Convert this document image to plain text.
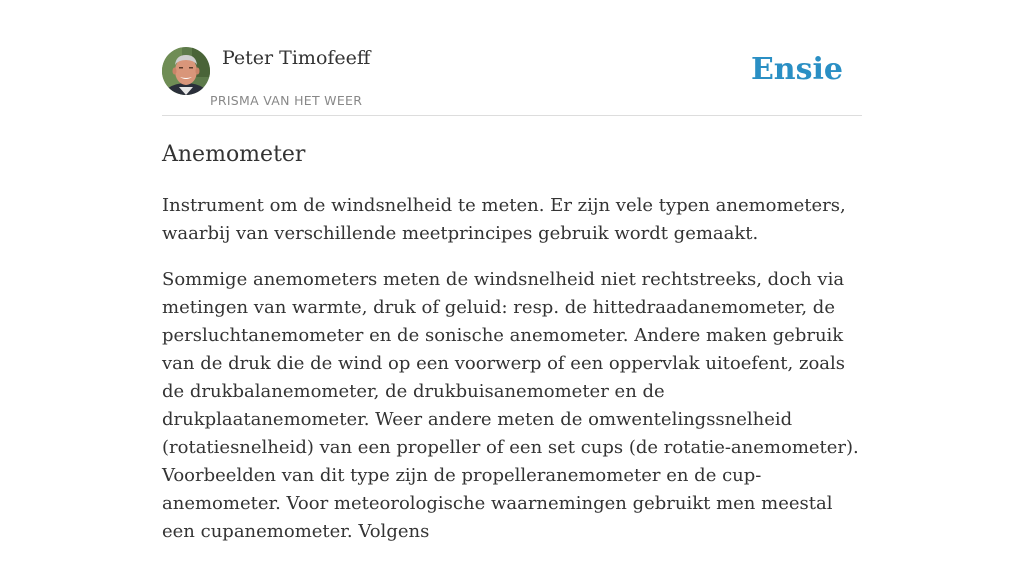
Peter Timofeeff
PRISMA VAN HET WEER
Ensie
Anemometer

Instrument om de windsnelheid te meten. Er zijn vele typen anemometers, waarbij van verschillende meetprincipes gebruik wordt gemaakt.

Sommige anemometers meten de windsnelheid niet rechtstreeks, doch via metingen van warmte, druk of geluid: resp. de hittedraadanemometer, de persluchtanemometer en de sonische anemometer. Andere maken gebruik van de druk die de wind op een voorwerp of een oppervlak uitoefent, zoals de drukbalanemometer, de drukbuisanemometer en de drukplaatanemometer. Weer andere meten de omwentelingssnelheid (rotatiesnelheid) van een propeller of een set cups (de rotatie-anemometer). Voorbeelden van dit type zijn de propelleranemometer en de cup-anemometer. Voor meteorologische waarnemingen gebruikt men meestal een cupanemometer. Volgens
